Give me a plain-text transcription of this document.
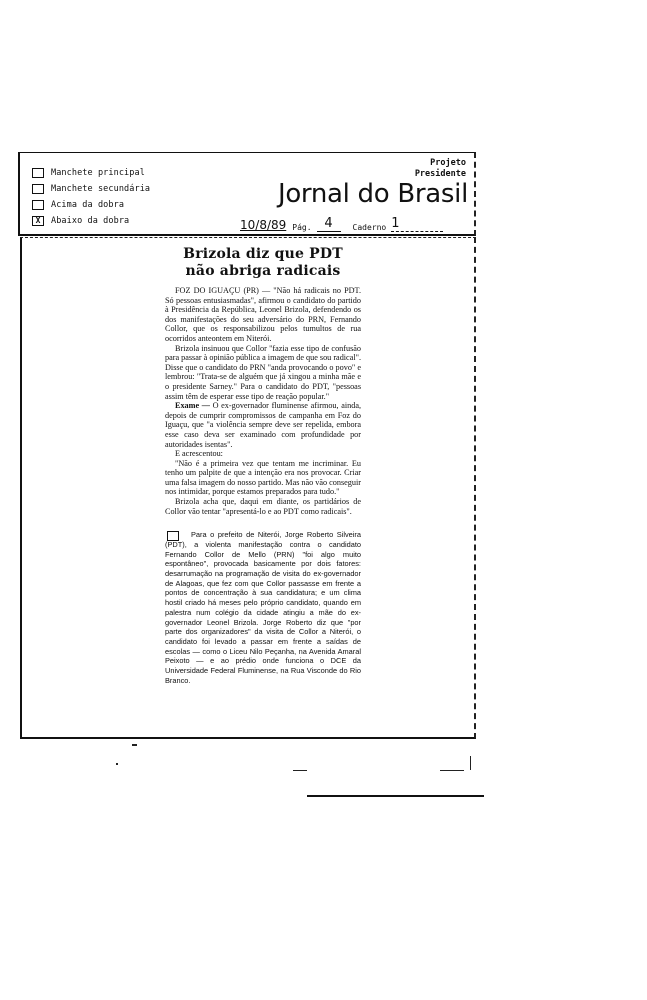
Manchete principal
Manchete secundária
Acima da dobra
X	Abaixo da dobra
Projeto
Presidente
Jornal do Brasil
10/8/89 Pág. 4	Caderno 1
Brizola diz que PDT
não abriga radicais

FOZ DO IGUAÇU (PR) — "Não há radicais no PDT. Só pessoas entusiasmadas", afirmou o candidato do partido à Presidência da República, Leonel Brizola, defendendo os dos manifestações do seu adversário do PRN, Fernando Collor, que os responsabilizou pelos tumultos de rua ocorridos anteontem em Niterói.

Brizola insinuou que Collor "fazia esse tipo de confusão para passar à opinião pública a imagem de que sou radical". Disse que o candidato do PRN "anda provocando o povo" e lembrou: "Trata-se de alguém que já xingou a minha mãe e o presidente Sarney." Para o candidato do PDT, "pessoas assim têm de esperar esse tipo de reação popular."

Exame — O ex-governador fluminense afirmou, ainda, depois de cumprir compromissos de campanha em Foz do Iguaçu, que "a violência sempre deve ser repelida, embora esse caso deva ser examinado com profundidade por autoridades isentas".

E acrescentou:

"Não é a primeira vez que tentam me incriminar. Eu tenho um palpite de que a intenção era nos provocar. Criar uma falsa imagem do nosso partido. Mas não vão conseguir nos intimidar, porque estamos preparados para tudo."

Brizola acha que, daqui em diante, os partidários de Collor vão tentar "apresentá-lo e ao PDT como radicais".

Para o prefeito de Niterói, Jorge Roberto Silveira (PDT), a violenta manifestação contra o candidato Fernando Collor de Mello (PRN) "foi algo muito espontâneo", provocada basicamente por dois fatores: desarrumação na programação de visita do ex-governador de Alagoas, que fez com que Collor passasse em frente a pontos de concentração à sua candidatura; e um clima hostil criado há meses pelo próprio candidato, quando em palestra num colégio da cidade atingiu a mãe do ex-governador Leonel Brizola. Jorge Roberto diz que "por parte dos organizadores" da visita de Collor a Niterói, o candidato foi levado a passar em frente a saídas de escolas — como o Liceu Nilo Peçanha, na Avenida Amaral Peixoto — e ao prédio onde funciona o DCE da Universidade Federal Fluminense, na Rua Visconde do Rio Branco.
